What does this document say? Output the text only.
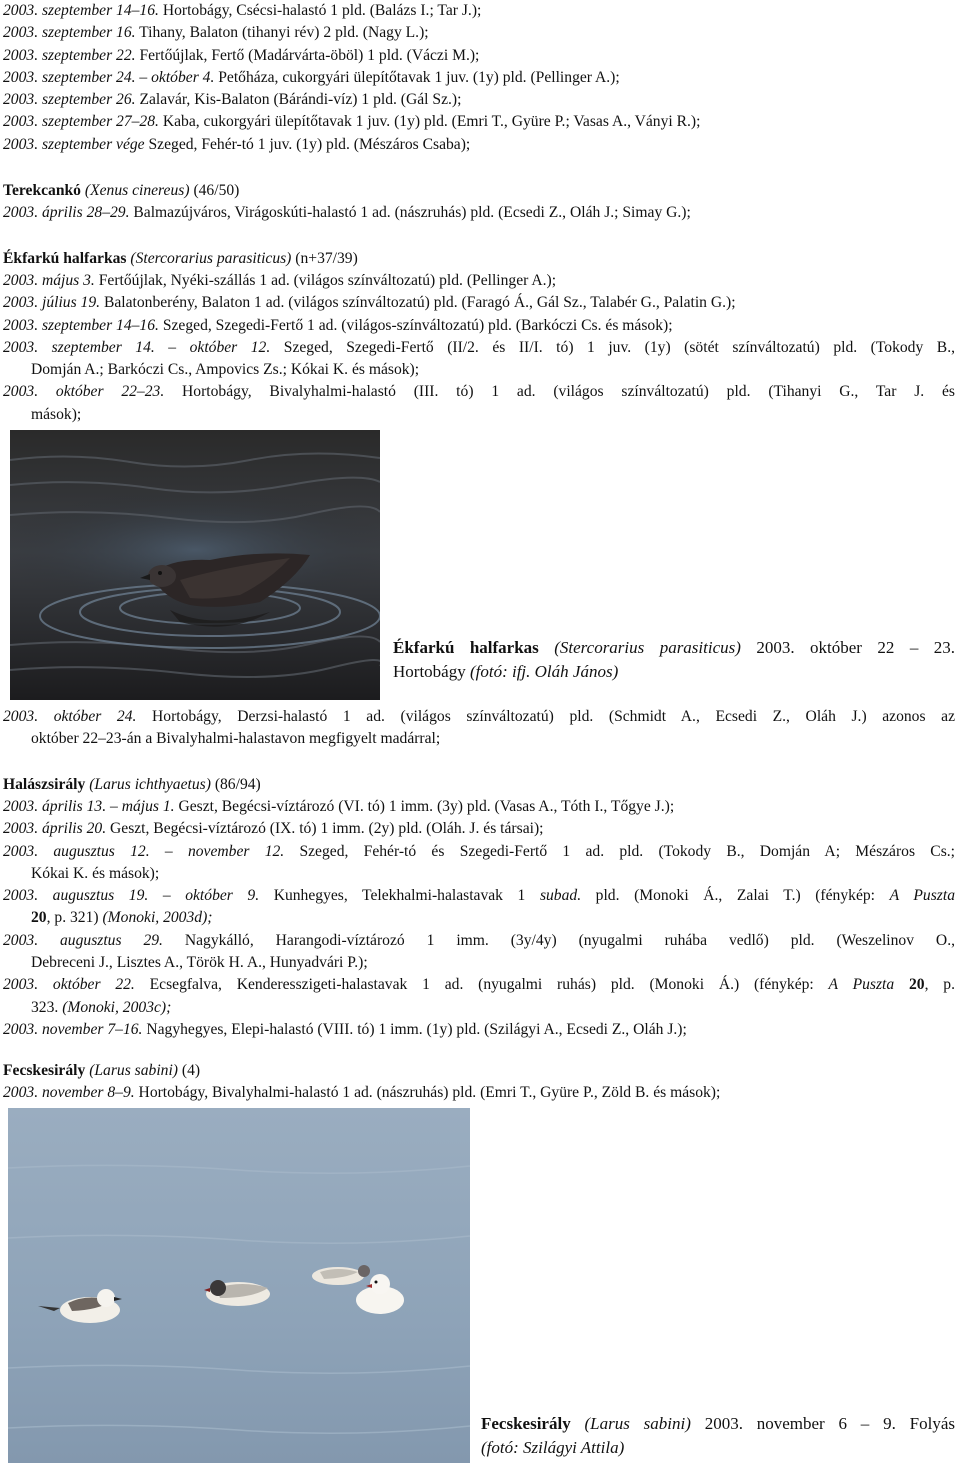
2003. szeptember 14–16. Hortobágy, Csécsi-halastó 1 pld. (Balázs I.; Tar J.);
2003. szeptember 16. Tihany, Balaton (tihanyi rév) 2 pld. (Nagy L.);
2003. szeptember 22. Fertőújlak, Fertő (Madárvárta-öböl) 1 pld. (Váczi M.);
2003. szeptember 24. – október 4. Petőháza, cukorgyári ülepítőtavak 1 juv. (1y) pld. (Pellinger A.);
2003. szeptember 26. Zalavár, Kis-Balaton (Bárándi-víz) 1 pld. (Gál Sz.);
2003. szeptember 27–28. Kaba, cukorgyári ülepítőtavak 1 juv. (1y) pld. (Emri T., Gyüre P.; Vasas A., Ványi R.);
2003. szeptember vége Szeged, Fehér-tó 1 juv. (1y) pld. (Mészáros Csaba);
Terekcankó (Xenus cinereus) (46/50)
2003. április 28–29. Balmazújváros, Virágoskúti-halastó 1 ad. (nászruhás) pld. (Ecsedi Z., Oláh J.; Simay G.);
Ékfarkú halfarkas (Stercorarius parasiticus) (n+37/39)
2003. május 3. Fertőújlak, Nyéki-szállás 1 ad. (világos színváltozatú) pld. (Pellinger A.);
2003. július 19. Balatonberény, Balaton 1 ad. (világos színváltozatú) pld. (Faragó Á., Gál Sz., Talabér G., Palatin G.);
2003. szeptember 14–16. Szeged, Szegedi-Fertő 1 ad. (világos-színváltozatú) pld. (Barkóczi Cs. és mások);
2003. szeptember 14. – október 12. Szeged, Szegedi-Fertő (II/2. és II/I. tó) 1 juv. (1y) (sötét színváltozatú) pld. (Tokody B.,
Domján A.; Barkóczi Cs., Ampovics Zs.; Kókai K. és mások);
2003. október 22–23. Hortobágy, Bivalyhalmi-halastó (III. tó) 1 ad. (világos színváltozatú) pld. (Tihanyi G., Tar J. és
mások);
Ékfarkú halfarkas (Stercorarius parasiticus) 2003. október 22 – 23.
Hortobágy (fotó: ifj. Oláh János)
2003. október 24. Hortobágy, Derzsi-halastó 1 ad. (világos színváltozatú) pld. (Schmidt A., Ecsedi Z., Oláh J.) azonos az
október 22–23-án a Bivalyhalmi-halastavon megfigyelt madárral;
Halászsirály (Larus ichthyaetus) (86/94)
2003. április 13. – május 1. Geszt, Begécsi-víztározó (VI. tó) 1 imm. (3y) pld. (Vasas A., Tóth I., Tőgye J.);
2003. április 20. Geszt, Begécsi-víztározó (IX. tó) 1 imm. (2y) pld. (Oláh. J. és társai);
2003. augusztus 12. – november 12. Szeged, Fehér-tó és Szegedi-Fertő 1 ad. pld. (Tokody B., Domján A; Mészáros Cs.;
Kókai K. és mások);
2003. augusztus 19. – október 9. Kunhegyes, Telekhalmi-halastavak 1 subad. pld. (Monoki Á., Zalai T.) (fénykép: A Puszta
20, p. 321) (Monoki, 2003d);
2003. augusztus 29. Nagykálló, Harangodi-víztározó 1 imm. (3y/4y) (nyugalmi ruhába vedlő) pld. (Weszelinov O.,
Debreceni J., Lisztes A., Török H. A., Hunyadvári P.);
2003. október 22. Ecsegfalva, Kenderesszigeti-halastavak 1 ad. (nyugalmi ruhás) pld. (Monoki Á.) (fénykép: A Puszta 20, p.
323. (Monoki, 2003c);
2003. november 7–16. Nagyhegyes, Elepi-halastó (VIII. tó) 1 imm. (1y) pld. (Szilágyi A., Ecsedi Z., Oláh J.);
Fecskesirály (Larus sabini) (4)
2003. november 8–9. Hortobágy, Bivalyhalmi-halastó 1 ad. (nászruhás) pld. (Emri T., Gyüre P., Zöld B. és mások);
Fecskesirály (Larus sabini) 2003. november 6 – 9. Folyás
(fotó: Szilágyi Attila)
